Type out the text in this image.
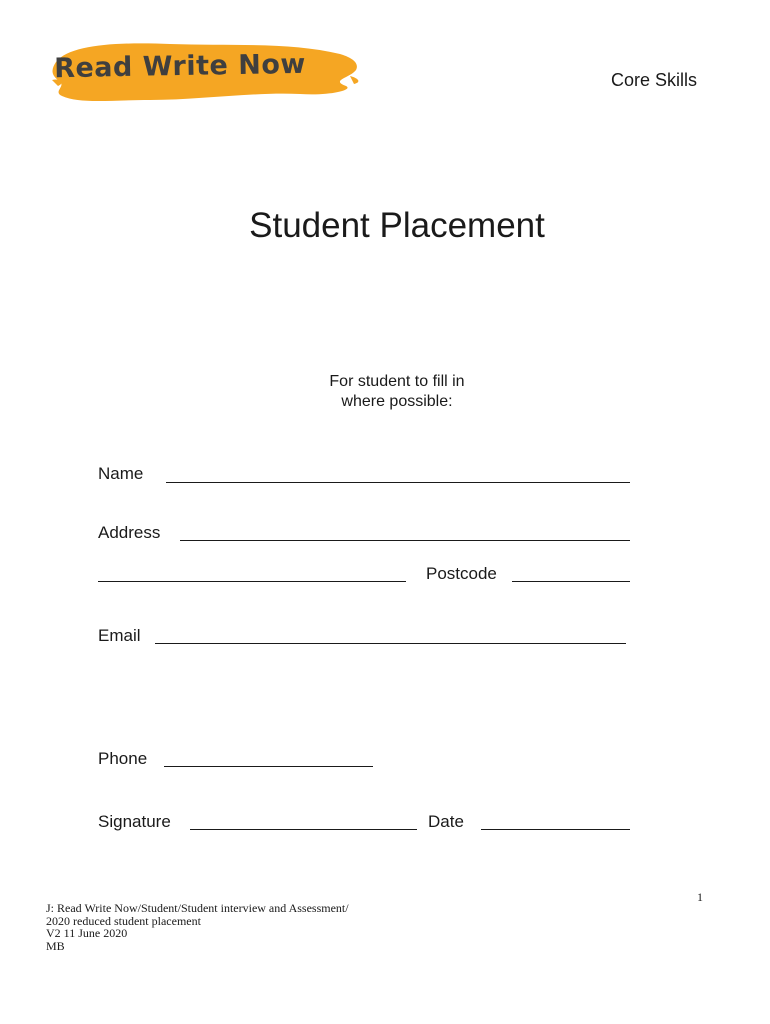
Read Write Now	Core Skills
Student Placement
For student to fill in
where possible:
Name
Address
Postcode
Email
Phone
Signature	Date
1
J: Read Write Now/Student/Student interview and Assessment/
2020 reduced student placement
V2 11 June 2020
MB
